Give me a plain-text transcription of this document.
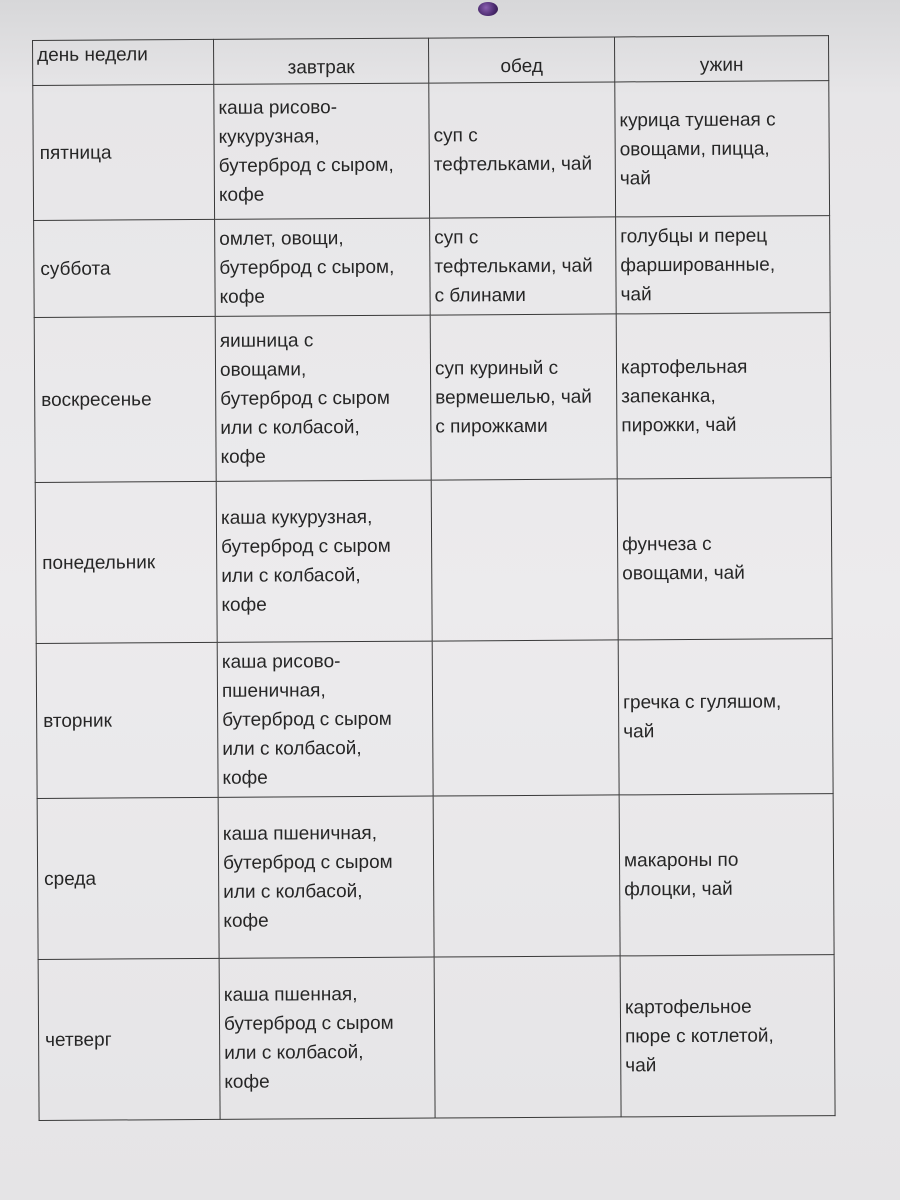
день недели	завтрак	обед	ужин

пятница	каша рисово-
кукурузная,
бутерброд с сыром,
кофе	суп с
тефтельками, чай	курица тушеная с
овощами, пицца,
чай

суббота	омлет, овощи,
бутерброд с сыром,
кофе	суп с
тефтельками, чай
с блинами	голубцы и перец
фаршированные,
чай

воскресенье	яишница с
овощами,
бутерброд с сыром
или с колбасой,
кофе	суп куриный с
вермешелью, чай
с пирожками	картофельная
запеканка,
пирожки, чай

понедельник	каша кукурузная,
бутерброд с сыром
или с колбасой,
кофе		фунчеза с
овощами, чай

вторник	каша рисово-
пшеничная,
бутерброд с сыром
или с колбасой,
кофе		гречка с гуляшом,
чай

среда	каша пшеничная,
бутерброд с сыром
или с колбасой,
кофе		макароны по
флоцки, чай

четверг	каша пшенная,
бутерброд с сыром
или с колбасой,
кофе		картофельное
пюре с котлетой,
чай
